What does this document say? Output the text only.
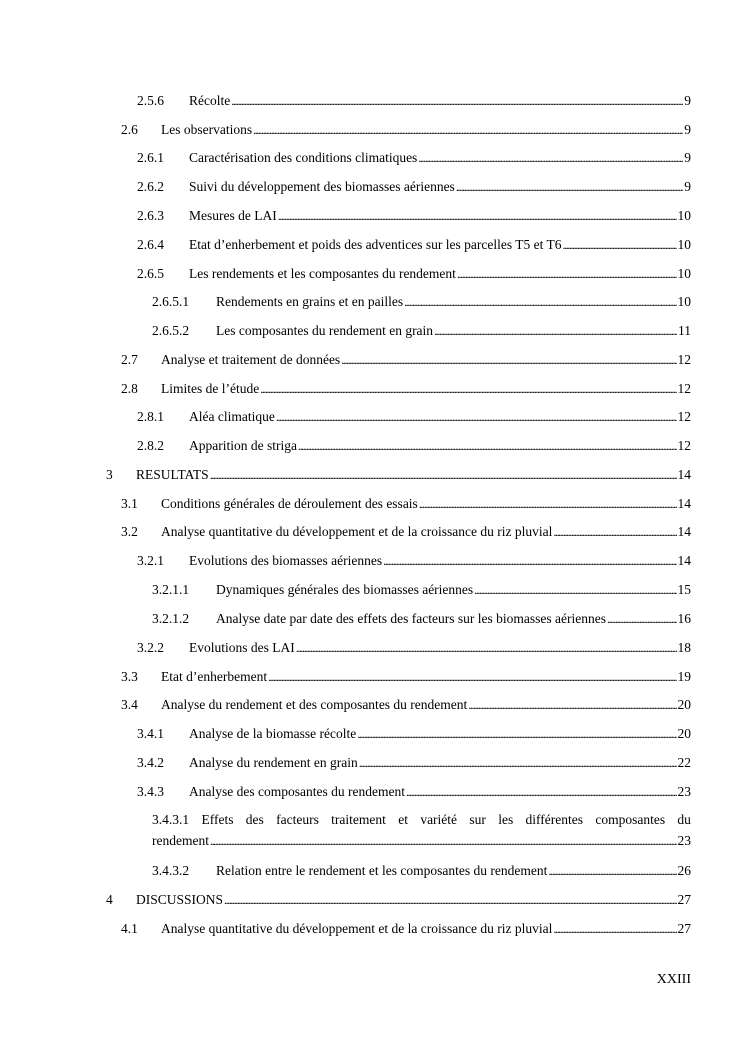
2.5.6	Récolte . . .	9
2.6	Les observations . . .	9
2.6.1	Caractérisation des conditions climatiques . . .	9
2.6.2	Suivi du développement des biomasses aériennes . . .	9
2.6.3	Mesures de LAI . . .	10
2.6.4	Etat d’enherbement et poids des adventices sur les parcelles T5 et T6 . . .	10
2.6.5	Les rendements et les composantes du rendement . . .	10
2.6.5.1	Rendements en grains et en pailles . . .	10
2.6.5.2	Les composantes du rendement en grain . . .	11
2.7	Analyse et traitement de données . . .	12
2.8	Limites de l’étude . . .	12
2.8.1	Aléa climatique . . .	12
2.8.2	Apparition de striga . . .	12
3	RESULTATS . . .	14
3.1	Conditions générales de déroulement des essais . . .	14
3.2	Analyse quantitative du développement et de la croissance du riz pluvial . . .	14
3.2.1	Evolutions des biomasses aériennes . . .	14
3.2.1.1	Dynamiques générales des biomasses aériennes . . .	15
3.2.1.2	Analyse date par date des effets des facteurs sur les biomasses aériennes . . .	16
3.2.2	Evolutions des LAI . . .	18
3.3	Etat d’enherbement . . .	19
3.4	Analyse du rendement et des composantes du rendement . . .	20
3.4.1	Analyse de la biomasse récolte . . .	20
3.4.2	Analyse du rendement en grain . . .	22
3.4.3	Analyse des composantes du rendement . . .	23
3.4.3.1 Effets des facteurs traitement et variété sur les différentes composantes du
rendement . . .	23
3.4.3.2	Relation entre le rendement et les composantes du rendement . . .	26
4	DISCUSSIONS . . .	27
4.1	Analyse quantitative du développement et de la croissance du riz pluvial . . .	27
XXIII
